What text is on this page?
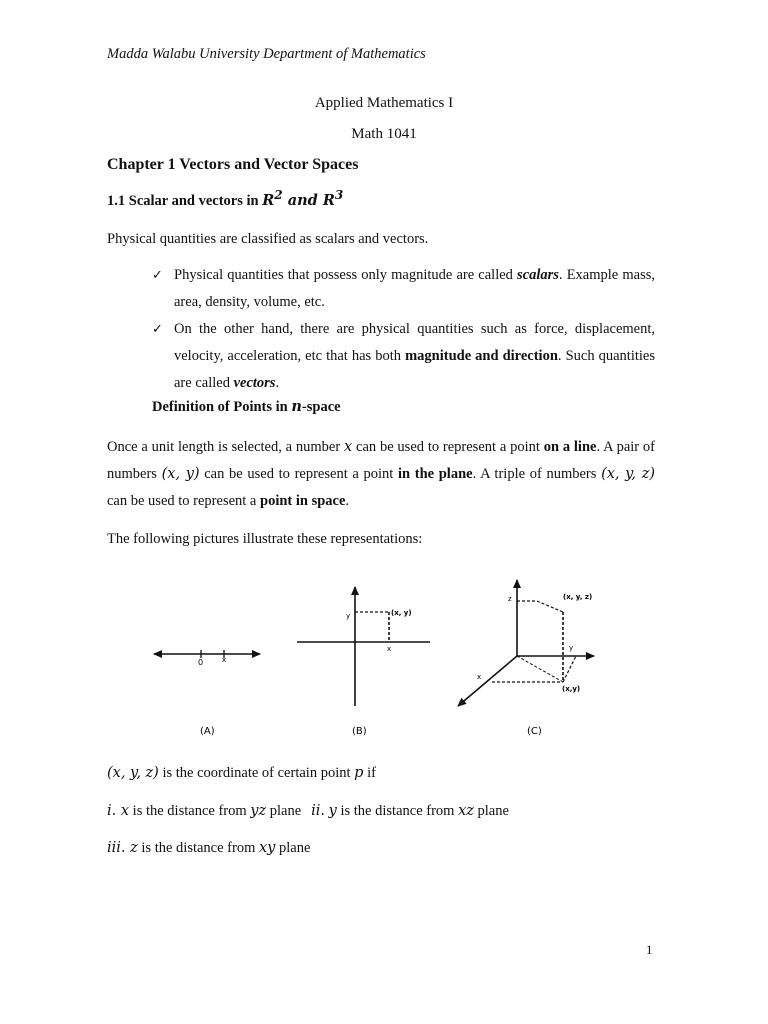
Madda Walabu University Department of Mathematics
Applied Mathematics I
Math 1041
Chapter 1 Vectors and Vector Spaces
1.1 Scalar and vectors in $R^2$ and $R^3$
Physical quantities are classified as scalars and vectors.
✓ Physical quantities that possess only magnitude are called scalars. Example mass, area, density, volume, etc.
✓ On the other hand, there are physical quantities such as force, displacement, velocity, acceleration, etc that has both magnitude and direction. Such quantities are called vectors.
Definition of Points in n-space
Once a unit length is selected, a number x can be used to represent a point on a line. A pair of numbers (x, y) can be used to represent a point in the plane. A triple of numbers (x, y, z) can be used to represent a point in space.
The following pictures illustrate these representations:
0	x
(A)
y	(x, y)
x
(B)
z	(x, y, z)
y
x
(x,y)
(C)
(x, y, z) is the coordinate of certain point p if
i. x is the distance from yz plane ii. y is the distance from xz plane
iii. z is the distance from xy plane
1
